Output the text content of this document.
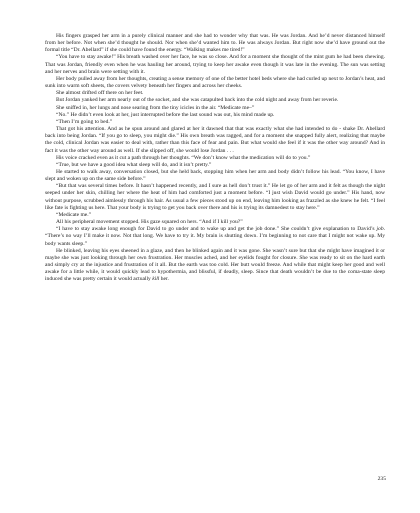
His fingers grasped her arm in a purely clinical manner and she had to wonder why that was. He was Jordan. And he’d never distanced himself from her before. Not when she’d thought he should. Nor when she’d wanted him to. He was always Jordan. But right now she’d have ground out the formal title “Dr. Abellard” if she could have found the energy. “Walking makes me tired!”

“You have to stay awake!” His breath washed over her face, he was so close. And for a moment she thought of the mint gum he had been chewing. That was Jordan, friendly even when he was hauling her around, trying to keep her awake even though it was late in the evening. The sun was setting and her nerves and brain were setting with it.

Her body pulled away from her thoughts, creating a sense memory of one of the better hotel beds where she had curled up next to Jordan’s heat, and sunk into warm soft sheets, the covers velvety beneath her fingers and across her cheeks.

She almost drifted off there on her feet.

But Jordan yanked her arm nearly out of the socket, and she was catapulted back into the cold night and away from her reverie.

She sniffed in, her lungs and nose searing from the tiny icicles in the air. “Medicate me–”

“No.” He didn’t even look at her, just interrupted before the last sound was out, his mind made up.

“Then I’m going to bed.”

That got his attention. And as he spun around and glared at her it dawned that that was exactly what she had intended to do - shake Dr. Abellard back into being Jordan. “If you go to sleep, you might die.” His own breath was ragged, and for a moment she snapped fully alert, realizing that maybe the cold, clinical Jordan was easier to deal with, rather than this face of fear and pain. But what would she feel if it was the other way around? And in fact it was the other way around as well. If she slipped off, she would lose Jordan . . .

His voice cracked even as it cut a path through her thoughts. “We don’t know what the medication will do to you.”

“True, but we have a good idea what sleep will do, and it isn’t pretty.”

He started to walk away, conversation closed, but she held back, stopping him when her arm and body didn’t follow his lead. “You know, I have slept and woken up on the same side before.”

“But that was several times before. It hasn’t happened recently, and I sure as hell don’t trust it.” He let go of her arm and it felt as though the night seeped under her skin, chilling her where the heat of him had comforted just a moment before. “I just wish David would go under.” His hand, now without purpose, scrubbed aimlessly through his hair. As usual a few pieces stood up on end, leaving him looking as frazzled as she knew he felt. “I feel like fate is fighting us here. That your body is trying to get you back over there and his is trying its damnedest to stay here.”

“Medicate me.”

All his peripheral movement stopped. His gaze squared on hers. “And if I kill you?”

“I have to stay awake long enough for David to go under and to wake up and get the job done.” She couldn’t give explanation to David’s job. “There’s no way I’ll make it now. Not that long. We have to try it. My brain is shutting down. I’m beginning to not care that I might not wake up. My body wants sleep.”

He blinked, leaving his eyes sheened in a glaze, and then he blinked again and it was gone. She wasn’t sure but that she might have imagined it or maybe she was just looking through her own frustration. Her muscles ached, and her eyelids fought for closure. She was ready to sit on the hard earth and simply cry at the injustice and frustration of it all. But the earth was too cold. Her butt would freeze. And while that might keep her good and well awake for a little while, it would quickly lead to hypothermia, and blissful, if deadly, sleep. Since that death wouldn’t be due to the coma-state sleep induced she was pretty certain it would actually kill her.

235
